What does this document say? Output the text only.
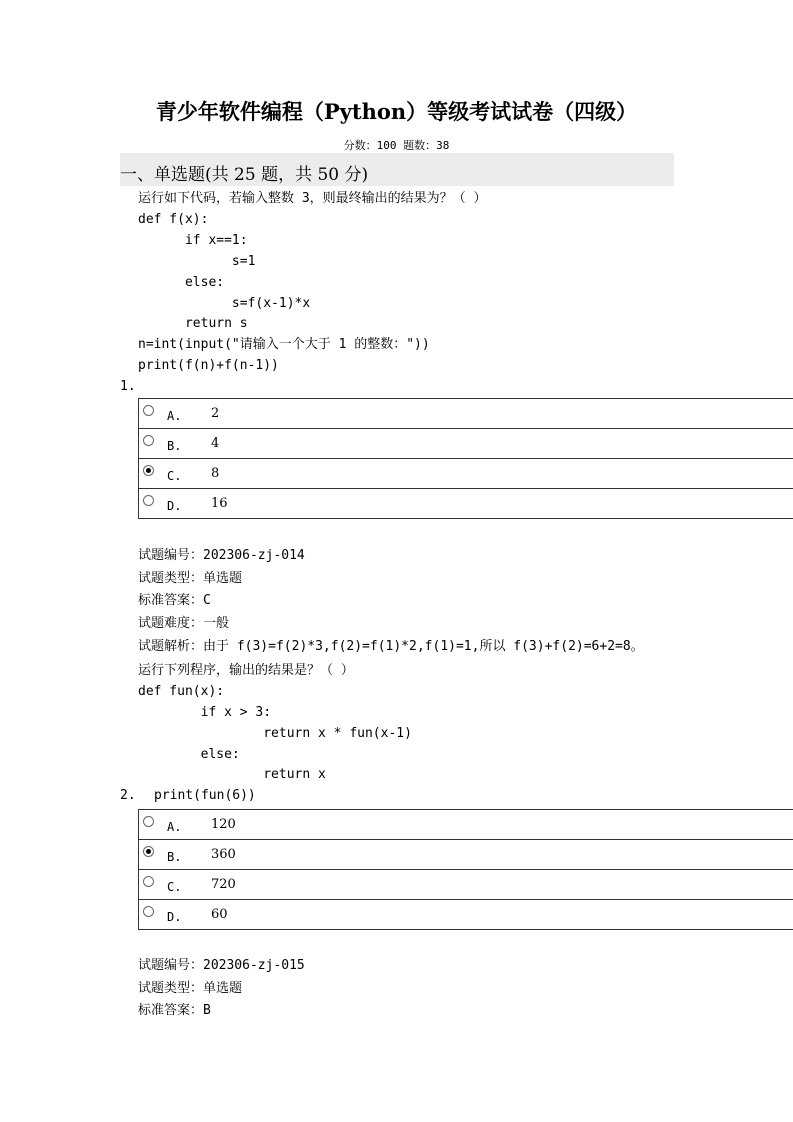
青少年软件编程（Python）等级考试试卷（四级）
分数：100 题数：38
一、单选题(共 25 题，共 50 分)
运行如下代码，若输入整数 3，则最终输出的结果为？（ ）
def f(x):
if x==1:
s=1
else:
s=f(x-1)*x
return s
n=int(input("请输入一个大于 1 的整数："))
print(f(n)+f(n-1))
1.
A. 2
B. 4
C. 8
D. 16
试题编号：202306-zj-014
试题类型：单选题
标准答案：C
试题难度：一般
试题解析：由于 f(3)=f(2)*3,f(2)=f(1)*2,f(1)=1,所以 f(3)+f(2)=6+2=8。
运行下列程序，输出的结果是？（ ）
def fun(x):
if x > 3:
return x * fun(x-1)
else:
return x
2. print(fun(6))
A. 120
B. 360
C. 720
D. 60
试题编号：202306-zj-015
试题类型：单选题
标准答案：B
